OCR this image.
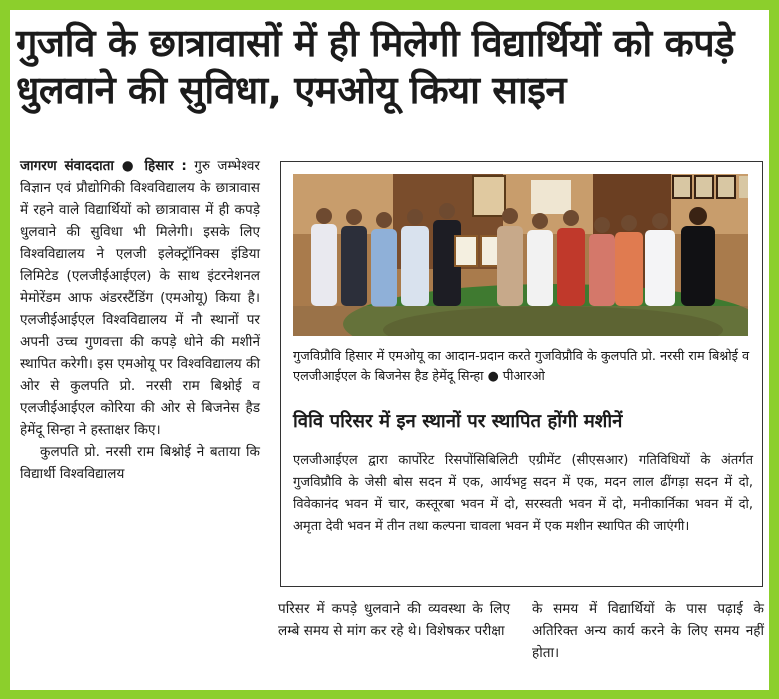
गुजवि के छात्रावासों में ही मिलेगी विद्यार्थियों को कपड़े धुलवाने की सुविधा, एमओयू किया साइन

जागरण संवाददाता ● हिसार : गुरु जम्भेश्वर विज्ञान एवं प्रौद्योगिकी विश्वविद्यालय के छात्रावास में रहने वाले विद्यार्थियों को छात्रावास में ही कपड़े धुलवाने की सुविधा भी मिलेगी। इसके लिए विश्वविद्यालय ने एलजी इलेक्ट्रॉनिक्स इंडिया लिमिटेड (एलजीईआईएल) के साथ इंटरनेशनल मेमोरेंडम आफ अंडरस्टैंडिंग (एमओयू) किया है। एलजीईआईएल विश्वविद्यालय में नौ स्थानों पर अपनी उच्च गुणवत्ता की कपड़े धोने की मशीनें स्थापित करेगी। इस एमओयू पर विश्वविद्यालय की ओर से कुलपति प्रो. नरसी राम बिश्नोई व एलजीईआईएल कोरिया की ओर से बिजनेस हैड हेमेंदू सिन्हा ने हस्ताक्षर किए।

कुलपति प्रो. नरसी राम बिश्नोई ने बताया कि विद्यार्थी विश्वविद्यालय

गुजविप्रौवि हिसार में एमओयू का आदान-प्रदान करते गुजविप्रौवि के कुलपति प्रो. नरसी राम बिश्नोई व एलजीआईएल के बिजनेस हैड हेमेंदू सिन्हा ● पीआरओ

विवि परिसर में इन स्थानों पर स्थापित होंगी मशीनें

एलजीआईएल द्वारा कार्पोरेट रिसपोंसिबिलिटी एग्रीमेंट (सीएसआर) गतिविधियों के अंतर्गत गुजविप्रौवि के जेसी बोस सदन में एक, आर्यभट्ट सदन में एक, मदन लाल ढींगड़ा सदन में दो, विवेकानंद भवन में चार, कस्तूरबा भवन में दो, सरस्वती भवन में दो, मनीकार्निका भवन में दो, अमृता देवी भवन में तीन तथा कल्पना चावला भवन में एक मशीन स्थापित की जाएंगी।

परिसर में कपड़े धुलवाने की व्यवस्था के लिए लम्बे समय से मांग कर रहे थे। विशेषकर परीक्षा

के समय में विद्यार्थियों के पास पढ़ाई के अतिरिक्त अन्य कार्य करने के लिए समय नहीं होता।
